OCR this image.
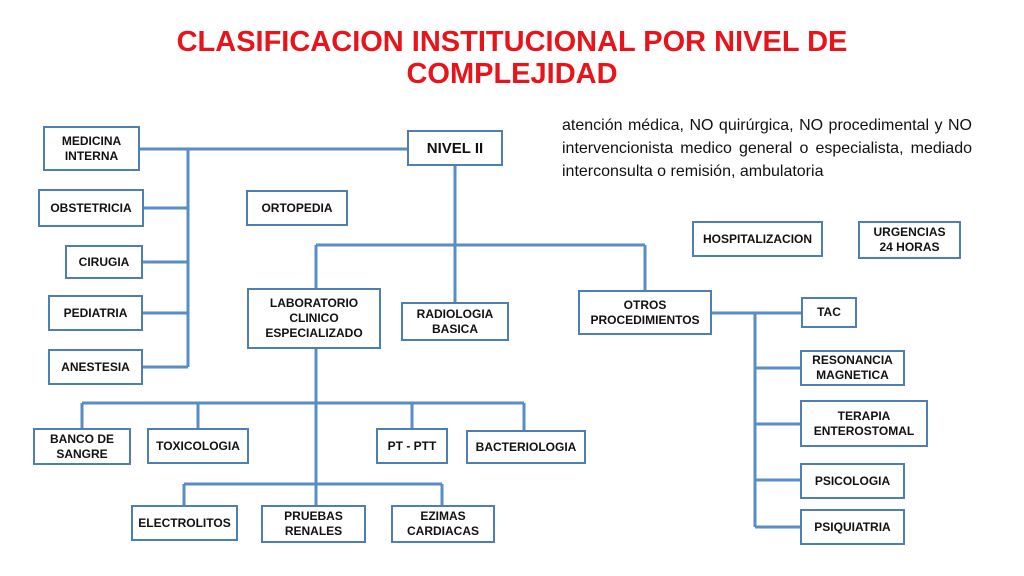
CLASIFICACION INSTITUCIONAL POR NIVEL DE
COMPLEJIDAD

atención médica, NO quirúrgica, NO procedimental y NO intervencionista medico general o especialista, mediado interconsulta o remisión, ambulatoria

NIVEL II
MEDICINA
INTERNA
OBSTETRICIA
CIRUGIA
PEDIATRIA
ANESTESIA
ORTOPEDIA
HOSPITALIZACION	URGENCIAS
24 HORAS
LABORATORIO
CLINICO
ESPECIALIZADO
RADIOLOGIA
BASICA
OTROS
PROCEDIMIENTOS
BANCO DE
SANGRE
TOXICOLOGIA	PT - PTT	BACTERIOLOGIA
ELECTROLITOS	PRUEBAS
RENALES
EZIMAS
CARDIACAS
TAC
RESONANCIA
MAGNETICA
TERAPIA
ENTEROSTOMAL
PSICOLOGIA
PSIQUIATRIA
